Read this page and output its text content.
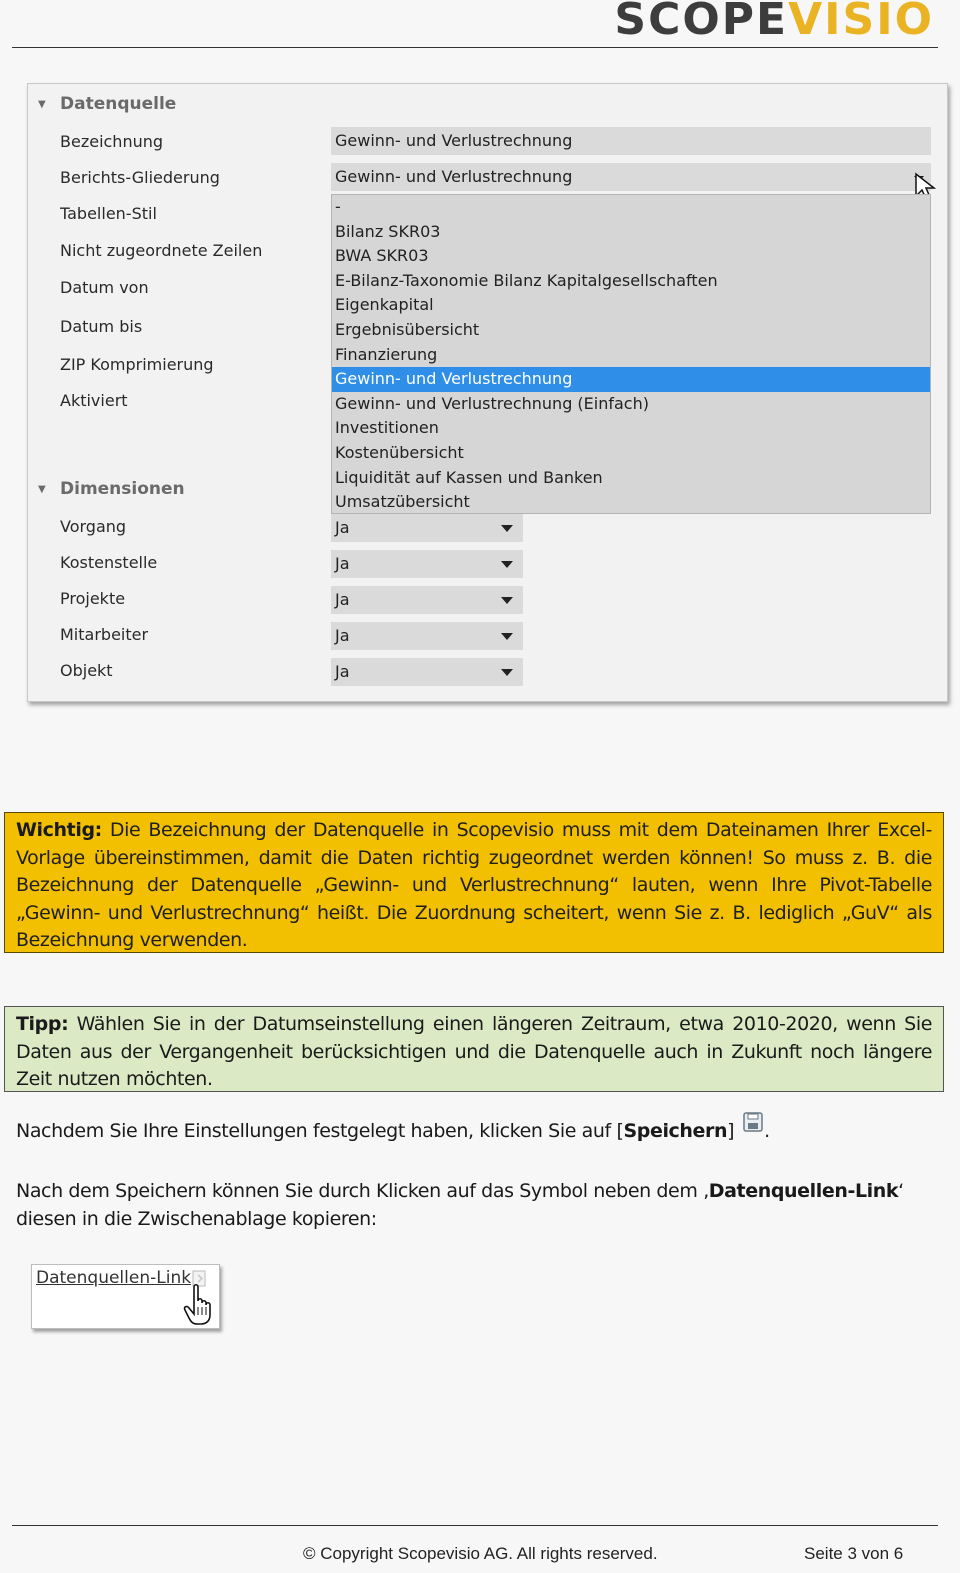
SCOPEVISIO
▼ Datenquelle
Bezeichnung
Berichts-Gliederung
Tabellen-Stil
Nicht zugeordnete Zeilen
Datum von
Datum bis
ZIP Komprimierung
Aktiviert
Gewinn- und Verlustrechnung
Gewinn- und Verlustrechnung
-
Bilanz SKR03
BWA SKR03
E-Bilanz-Taxonomie Bilanz Kapitalgesellschaften
Eigenkapital
Ergebnisübersicht
Finanzierung
Gewinn- und Verlustrechnung
Gewinn- und Verlustrechnung (Einfach)
Investitionen
Kostenübersicht
Liquidität auf Kassen und Banken
Umsatzübersicht
▼ Dimensionen
Vorgang
Kostenstelle
Projekte
Mitarbeiter
Objekt
Ja
Ja
Ja
Ja
Ja
Wichtig: Die Bezeichnung der Datenquelle in Scopevisio muss mit dem Dateinamen Ihrer Excel-Vorlage übereinstimmen, damit die Daten richtig zugeordnet werden können! So muss z. B. die Bezeichnung der Datenquelle „Gewinn- und Verlustrechnung“ lauten, wenn Ihre Pivot-Tabelle „Gewinn- und Verlustrechnung“ heißt. Die Zuordnung scheitert, wenn Sie z. B. lediglich „GuV“ als Bezeichnung verwenden.
Tipp: Wählen Sie in der Datumseinstellung einen längeren Zeitraum, etwa 2010-2020, wenn Sie Daten aus der Vergangenheit berücksichtigen und die Datenquelle auch in Zukunft noch längere Zeit nutzen möchten.
Nachdem Sie Ihre Einstellungen festgelegt haben, klicken Sie auf [Speichern] .
Nach dem Speichern können Sie durch Klicken auf das Symbol neben dem ‚Datenquellen-Link‘ diesen in die Zwischenablage kopieren:
Datenquellen-Link
© Copyright Scopevisio AG. All rights reserved.	Seite 3 von 6
